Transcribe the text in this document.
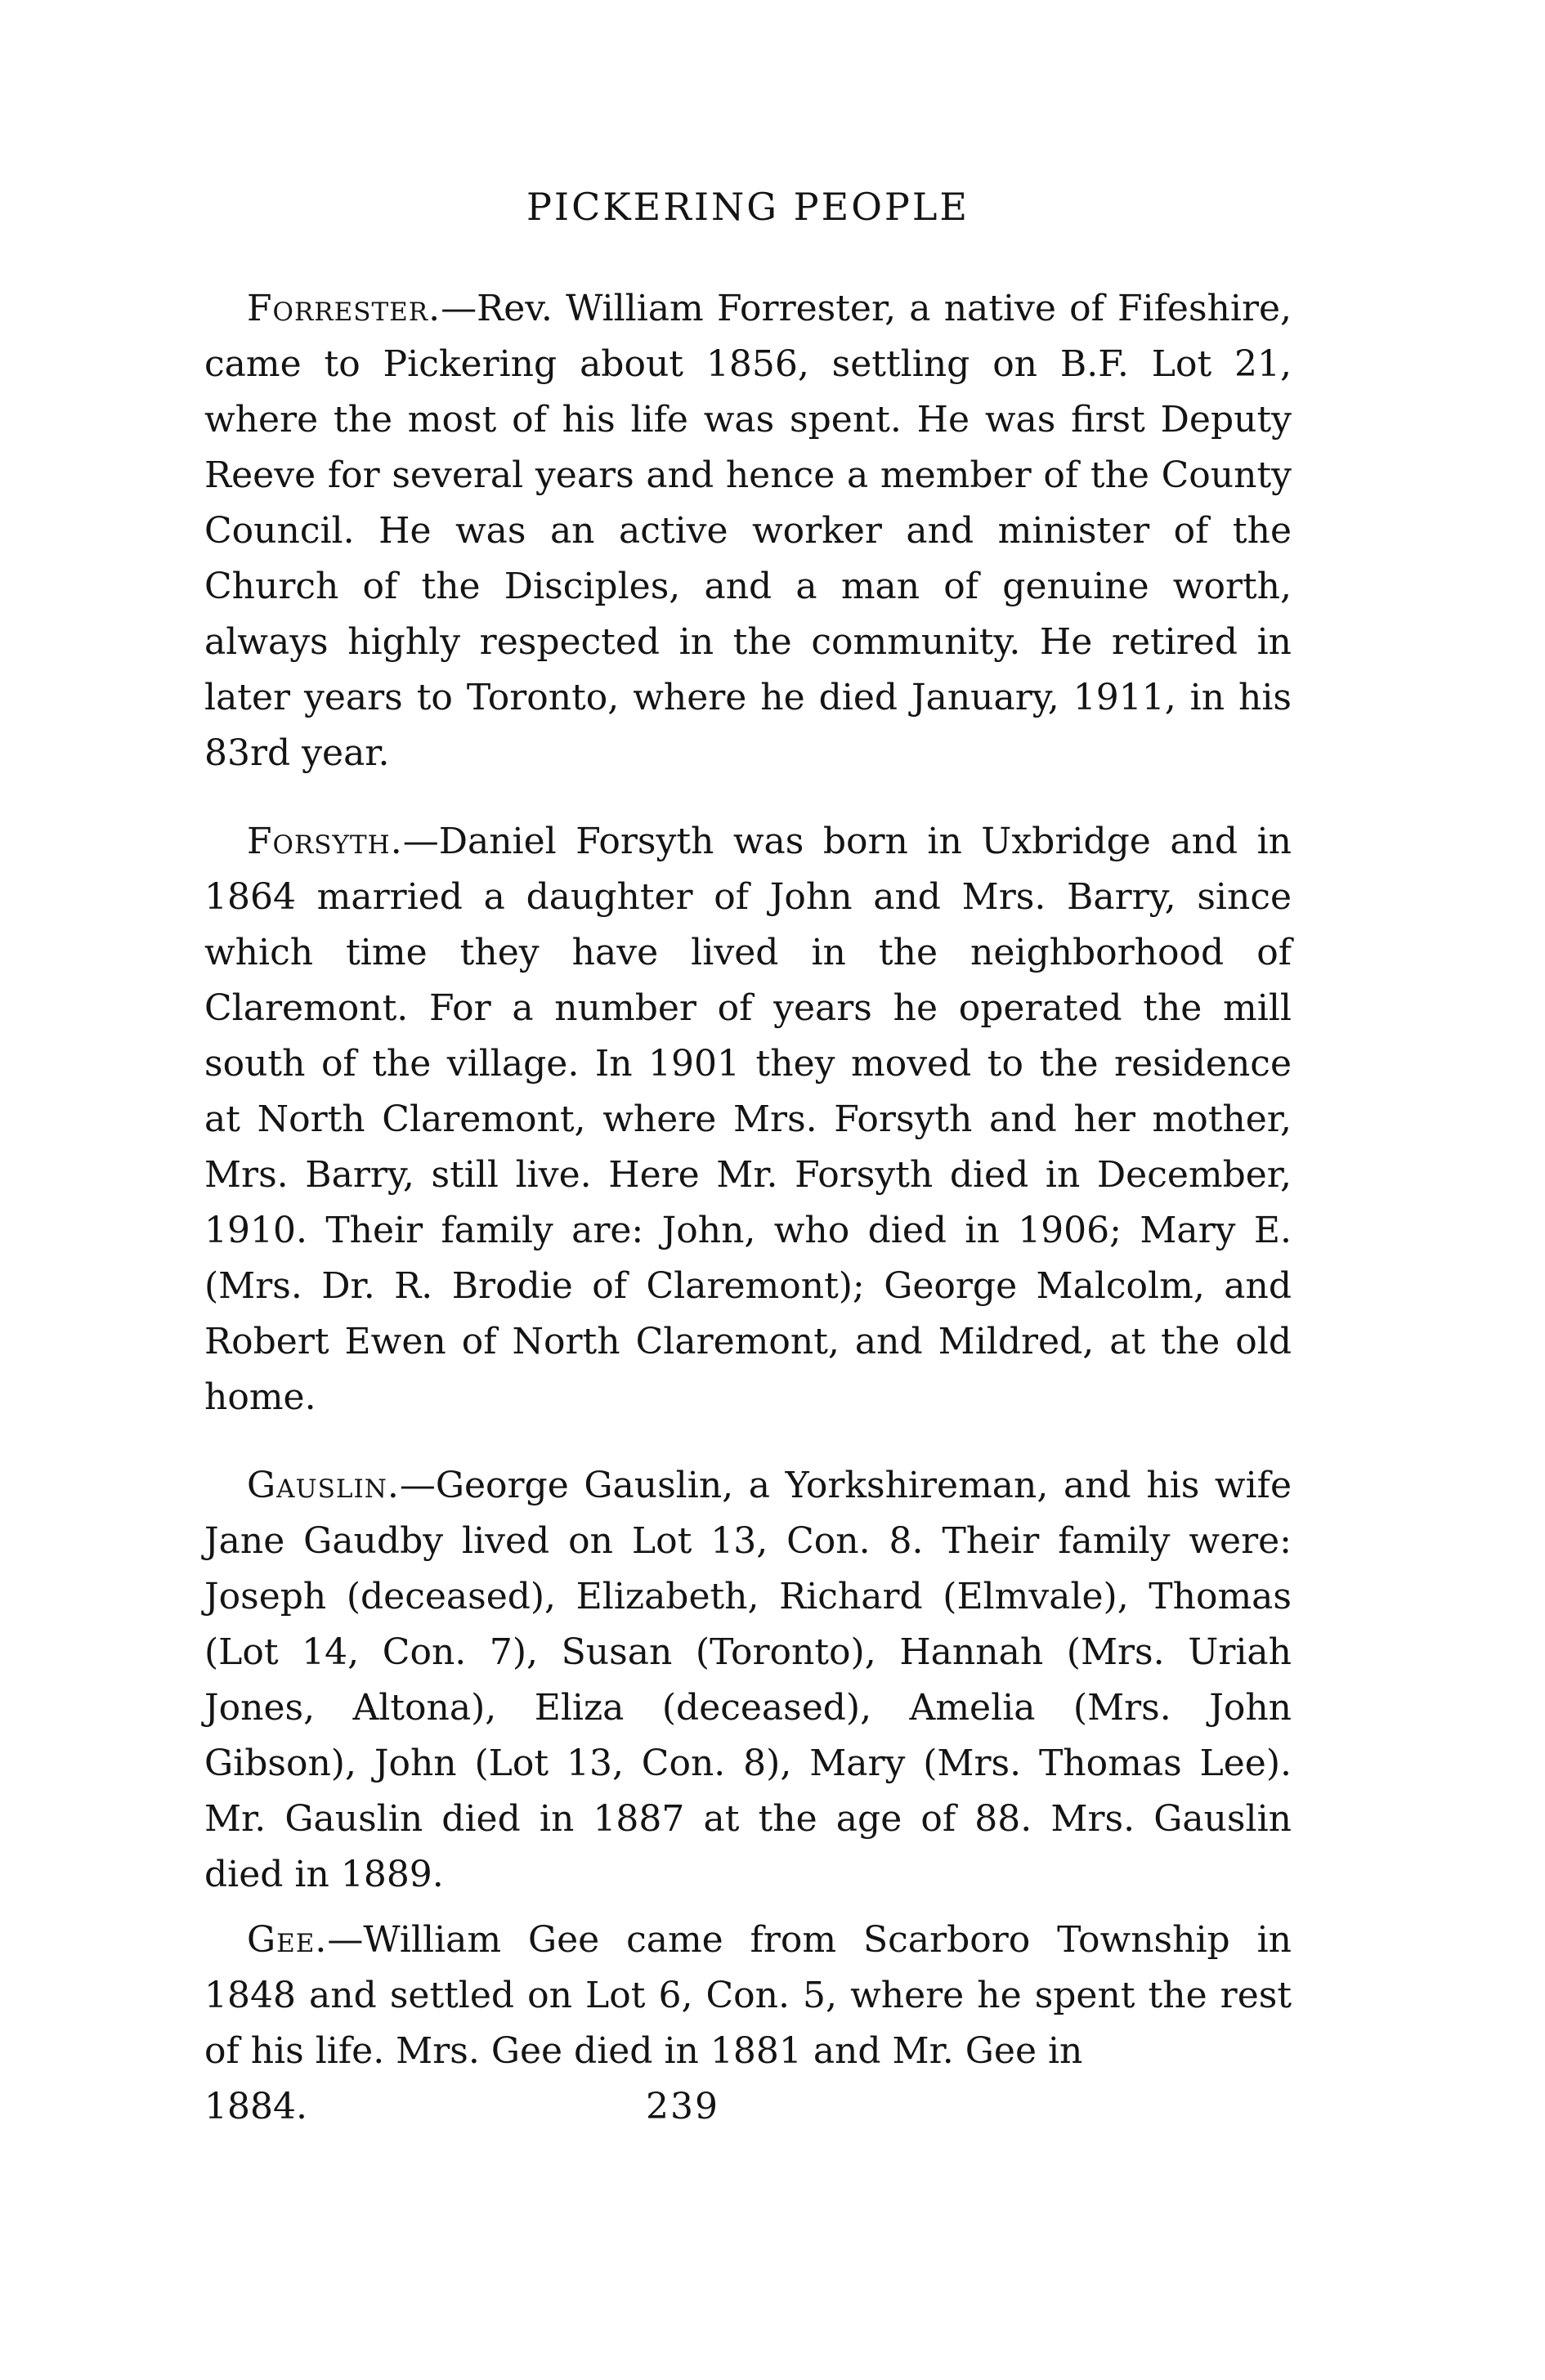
PICKERING PEOPLE

Forrester.—Rev. William Forrester, a native of Fifeshire, came to Pickering about 1856, settling on B.F. Lot 21, where the most of his life was spent. He was first Deputy Reeve for several years and hence a member of the County Council. He was an active worker and minister of the Church of the Disciples, and a man of genuine worth, always highly respected in the community. He retired in later years to Toronto, where he died January, 1911, in his 83rd year.

Forsyth.—Daniel Forsyth was born in Uxbridge and in 1864 married a daughter of John and Mrs. Barry, since which time they have lived in the neighborhood of Claremont. For a number of years he operated the mill south of the village. In 1901 they moved to the residence at North Claremont, where Mrs. Forsyth and her mother, Mrs. Barry, still live. Here Mr. Forsyth died in December, 1910. Their family are: John, who died in 1906; Mary E. (Mrs. Dr. R. Brodie of Claremont); George Malcolm, and Robert Ewen of North Claremont, and Mildred, at the old home.

Gauslin.—George Gauslin, a Yorkshireman, and his wife Jane Gaudby lived on Lot 13, Con. 8. Their family were: Joseph (deceased), Elizabeth, Richard (Elmvale), Thomas (Lot 14, Con. 7), Susan (Toronto), Hannah (Mrs. Uriah Jones, Altona), Eliza (deceased), Amelia (Mrs. John Gibson), John (Lot 13, Con. 8), Mary (Mrs. Thomas Lee). Mr. Gauslin died in 1887 at the age of 88. Mrs. Gauslin died in 1889.

Gee.—William Gee came from Scarboro Township in 1848 and settled on Lot 6, Con. 5, where he spent the rest of his life. Mrs. Gee died in 1881 and Mr. Gee in

1884.	239
